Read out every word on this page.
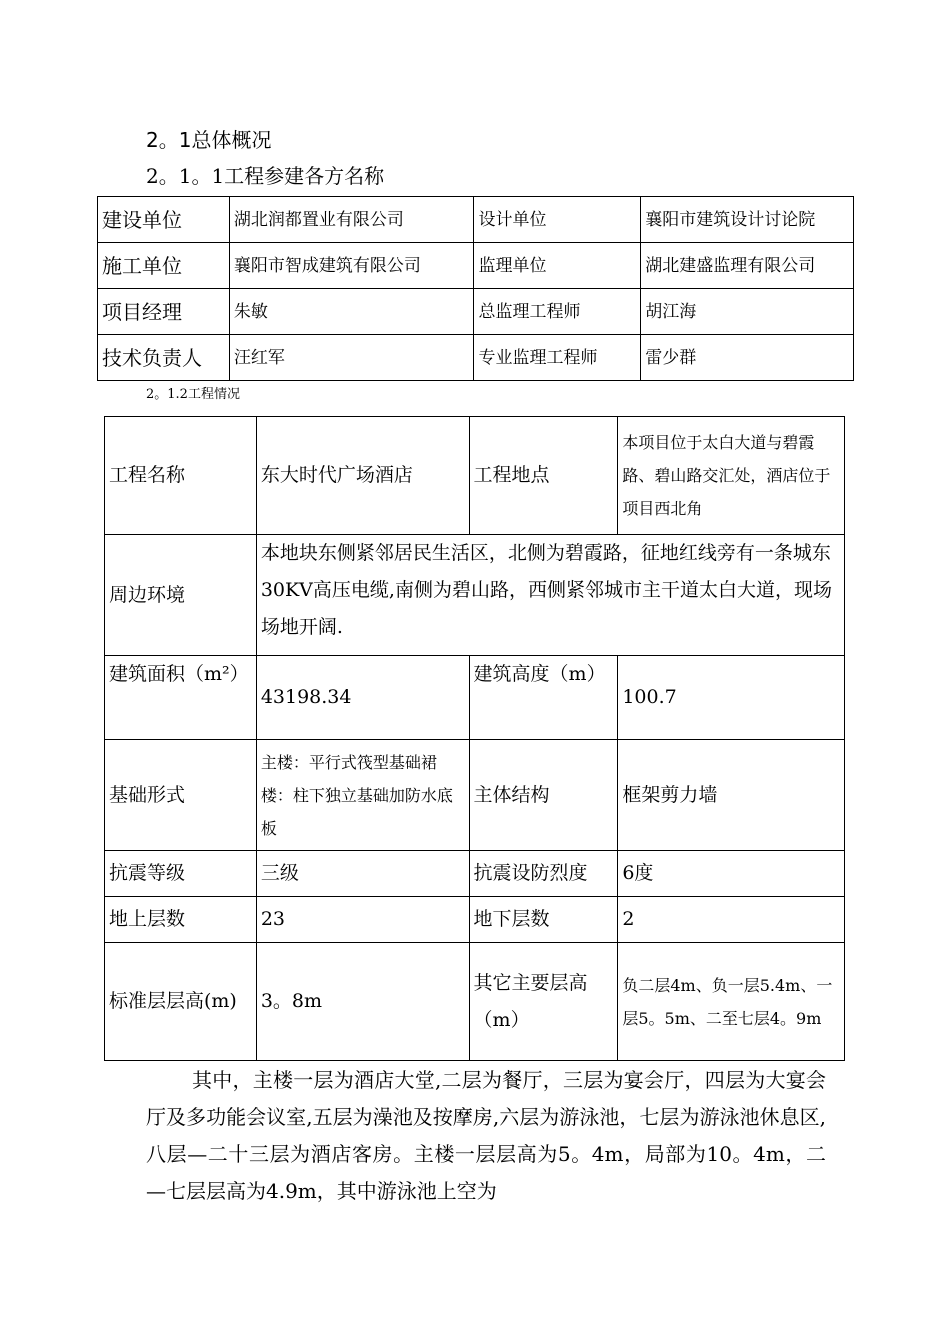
2。1总体概况
2。1。1工程参建各方名称
建设单位	湖北润都置业有限公司	设计单位	襄阳市建筑设计讨论院
施工单位	襄阳市智成建筑有限公司	监理单位	湖北建盛监理有限公司
项目经理	朱敏	总监理工程师	胡江海
技术负责人	汪红军	专业监理工程师	雷少群
2。1.2工程情况
工程名称	东大时代广场酒店	工程地点	本项目位于太白大道与碧霞路、碧山路交汇处，酒店位于项目西北角
周边环境	本地块东侧紧邻居民生活区，北侧为碧霞路，征地红线旁有一条城东30KV高压电缆,南侧为碧山路，西侧紧邻城市主干道太白大道，现场场地开阔.		
建筑面积（m²）	43198.34	建筑高度（m）	100.7
基础形式	主楼：平行式筏型基础裙楼：柱下独立基础加防水底板	主体结构	框架剪力墙
抗震等级	三级	抗震设防烈度	6度
地上层数	23	地下层数	2
标准层层高(m)	3。8m	其它主要层高（m）	负二层4m、负一层5.4m、一层5。5m、二至七层4。9m
其中，主楼一层为酒店大堂,二层为餐厅，三层为宴会厅，四层为大宴会厅及多功能会议室,五层为澡池及按摩房,六层为游泳池，七层为游泳池休息区,八层—二十三层为酒店客房。主楼一层层高为5。4m，局部为10。4m，二—七层层高为4.9m，其中游泳池上空为
